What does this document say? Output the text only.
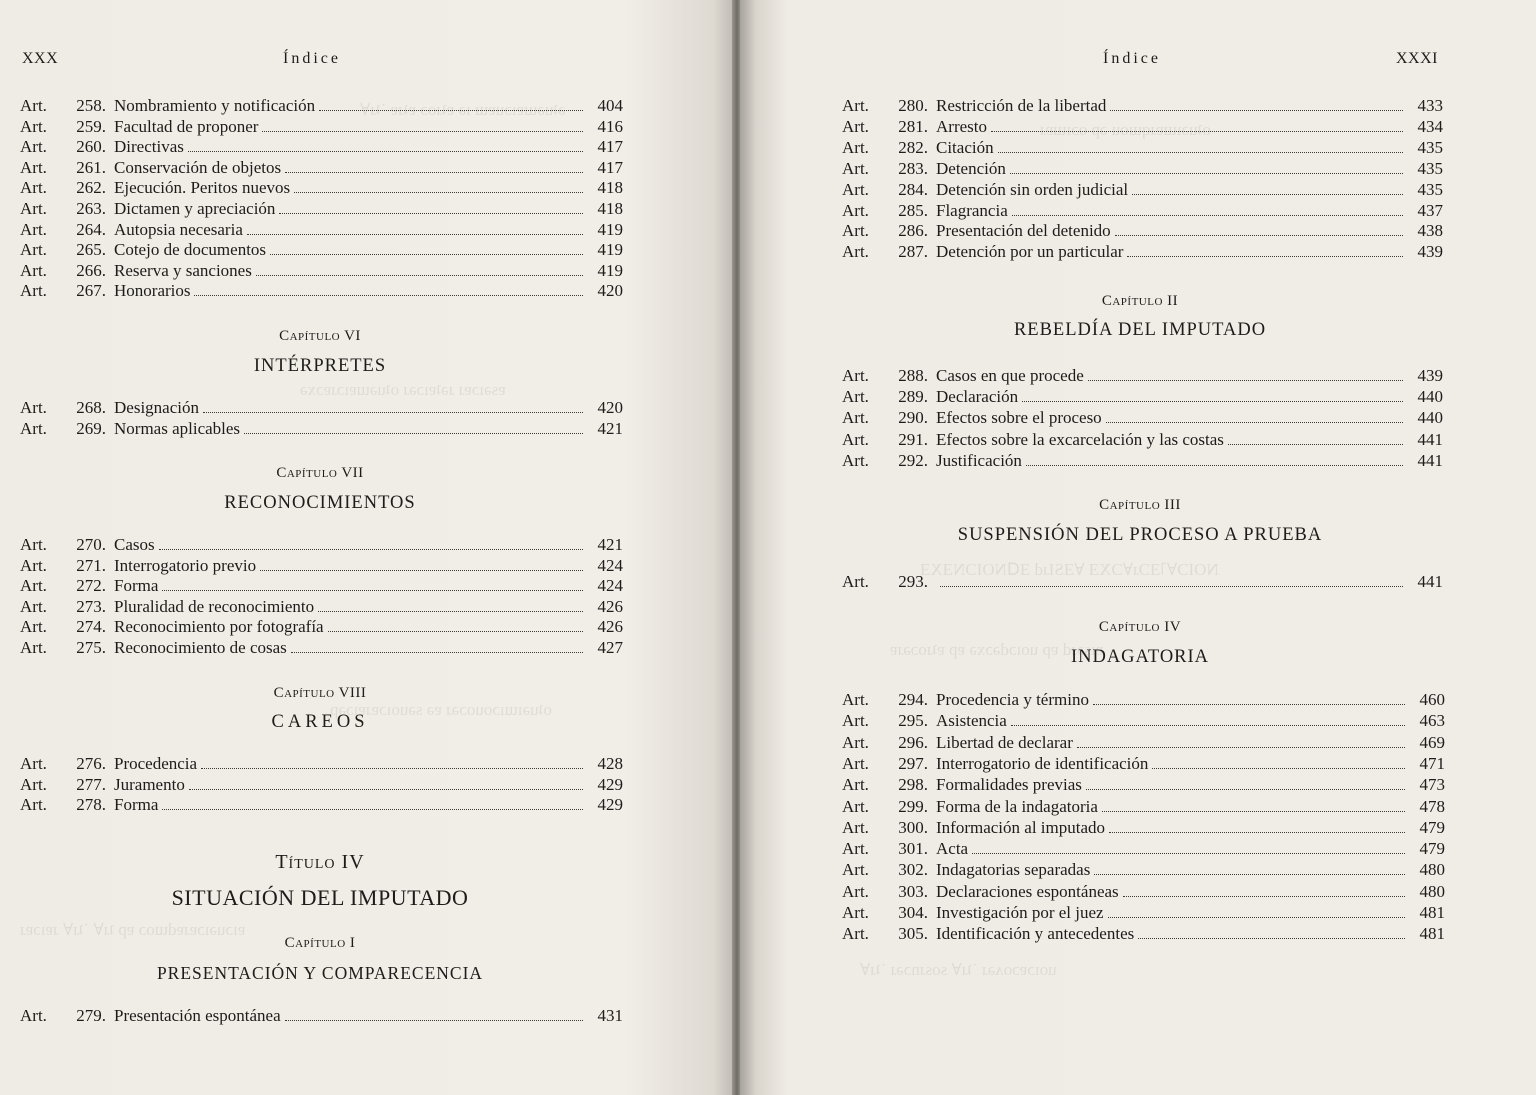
ǝʇuǝɯɐıɔuɐɯ ıǝ ɐʇɹoɔ ɐʇɹɐ ˙ʇɹ∀
ɐsǝıɔɐɹ ɹǝʇɐıɔǝɹ oʇuǝɯɐıɔɹɐɔxǝ
oʇuǝıɯıɔouoɔǝɹ ɐǝ sǝuoıɔɐɹɐıɔǝp
ɐıɔuǝıɔɐɹɐdɯoɔ ɐp ʇɹ∀ ˙ʇɹ∀ ɹɐıɔɐɹ
XXX	Índice
Art.	258. Nombramiento y notificación	404
Art.	259. Facultad de proponer	416
Art.	260. Directivas	417
Art.	261. Conservación de objetos	417
Art.	262. Ejecución. Peritos nuevos	418
Art.	263. Dictamen y apreciación	418
Art.	264. Autopsia necesaria	419
Art.	265. Cotejo de documentos	419
Art.	266. Reserva y sanciones	419
Art.	267. Honorarios	420
Capítulo VI
INTÉRPRETES
Art.	268. Designación	420
Art.	269. Normas aplicables	421
Capítulo VII
RECONOCIMIENTOS
Art.	270. Casos	421
Art.	271. Interrogatorio previo	424
Art.	272. Forma	424
Art.	273. Pluralidad de reconocimiento	426
Art.	274. Reconocimiento por fotografía	426
Art.	275. Reconocimiento de cosas	427
Capítulo VIII
CAREOS
Art.	276. Procedencia	428
Art.	277. Juramento	429
Art.	278. Forma	429
Título IV
SITUACIÓN DEL IMPUTADO
Capítulo I
PRESENTACIÓN Y COMPARECENCIA
Art.	279. Presentación espontánea	431
oʇuǝıɯɐɹqɯou ǝp oɔıɯɐɹ
NOIƆ∀˥ƎƆɹ∀ƆXƎ ∀ƎSIɹd ƎꓷNOIƆNƎXƎ
ɐısǝɹd ɐp uoıɔdǝɔxǝ ɐp ɐʇɹoɔǝɹɐ
uoıɔɐɔoʌǝɹ ˙ʇɹ∀ sosɹnɔǝɹ ˙ʇɹ∀
Índice	XXXI
Art.	280. Restricción de la libertad	433
Art.	281. Arresto	434
Art.	282. Citación	435
Art.	283. Detención	435
Art.	284. Detención sin orden judicial	435
Art.	285. Flagrancia	437
Art.	286. Presentación del detenido	438
Art.	287. Detención por un particular	439
Capítulo II
REBELDÍA DEL IMPUTADO
Art.	288. Casos en que procede	439
Art.	289. Declaración	440
Art.	290. Efectos sobre el proceso	440
Art.	291. Efectos sobre la excarcelación y las costas	441
Art.	292. Justificación	441
Capítulo III
SUSPENSIÓN DEL PROCESO A PRUEBA
Art.	293.	441
Capítulo IV
INDAGATORIA
Art.	294. Procedencia y término	460
Art.	295. Asistencia	463
Art.	296. Libertad de declarar	469
Art.	297. Interrogatorio de identificación	471
Art.	298. Formalidades previas	473
Art.	299. Forma de la indagatoria	478
Art.	300. Información al imputado	479
Art.	301. Acta	479
Art.	302. Indagatorias separadas	480
Art.	303. Declaraciones espontáneas	480
Art.	304. Investigación por el juez	481
Art.	305. Identificación y antecedentes	481
